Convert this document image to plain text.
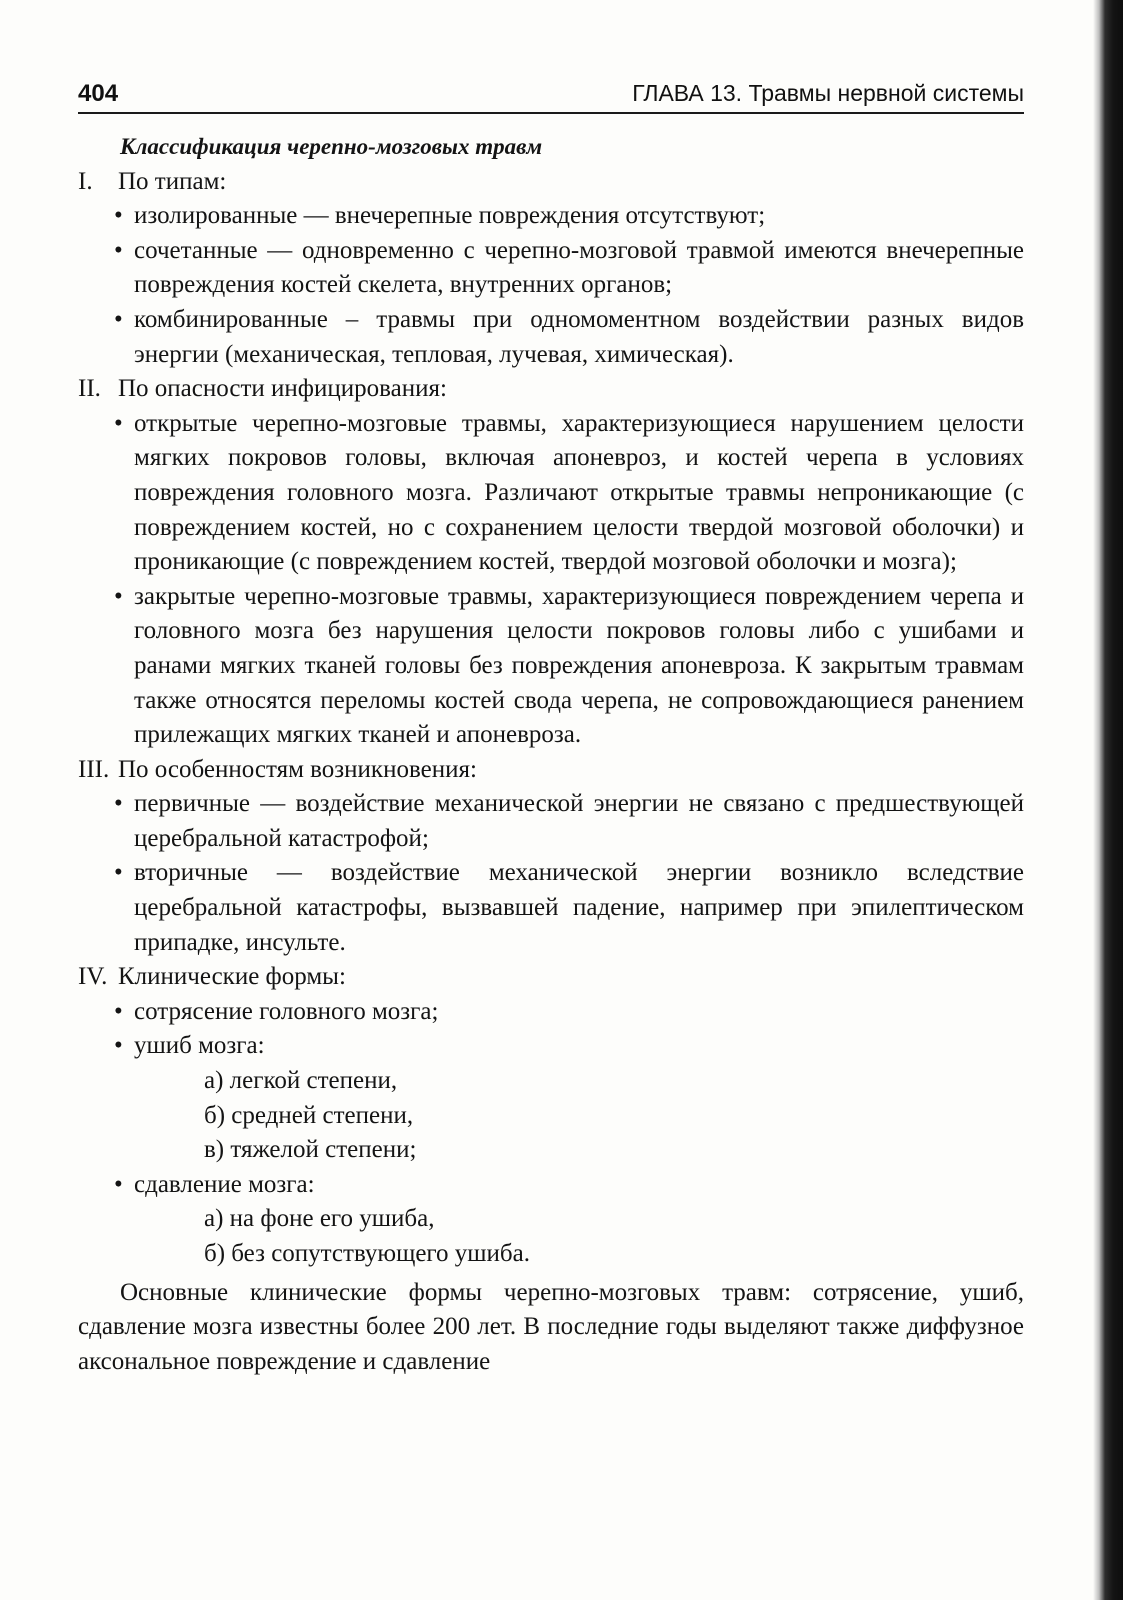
404	ГЛАВА 13. Травмы нервной системы

Классификация черепно-мозговых травм

I. По типам:

• изолированные — внечерепные повреждения отсутствуют;
• сочетанные — одновременно с черепно-мозговой травмой имеются внечерепные повреждения костей скелета, внутренних органов;
• комбинированные – травмы при одномоментном воздействии разных видов энергии (механическая, тепловая, лучевая, химическая).

II. По опасности инфицирования:

• открытые черепно-мозговые травмы, характеризующиеся нарушением целости мягких покровов головы, включая апоневроз, и костей черепа в условиях повреждения головного мозга. Различают открытые травмы непроникающие (с повреждением костей, но с сохранением целости твердой мозговой оболочки) и проникающие (с повреждением костей, твердой мозговой оболочки и мозга);
• закрытые черепно-мозговые травмы, характеризующиеся повреждением черепа и головного мозга без нарушения целости покровов головы либо с ушибами и ранами мягких тканей головы без повреждения апоневроза. К закрытым травмам также относятся переломы костей свода черепа, не сопровождающиеся ранением прилежащих мягких тканей и апоневроза.

III. По особенностям возникновения:

• первичные — воздействие механической энергии не связано с предшествующей церебральной катастрофой;
• вторичные — воздействие механической энергии возникло вследствие церебральной катастрофы, вызвавшей падение, например при эпилептическом припадке, инсульте.

IV. Клинические формы:

• сотрясение головного мозга;
• ушиб мозга:
а) легкой степени,
б) средней степени,
в) тяжелой степени;
• сдавление мозга:
а) на фоне его ушиба,
б) без сопутствующего ушиба.

Основные клинические формы черепно-мозговых травм: сотрясение, ушиб, сдавление мозга известны более 200 лет. В последние годы выделяют также диффузное аксональное повреждение и сдавление
